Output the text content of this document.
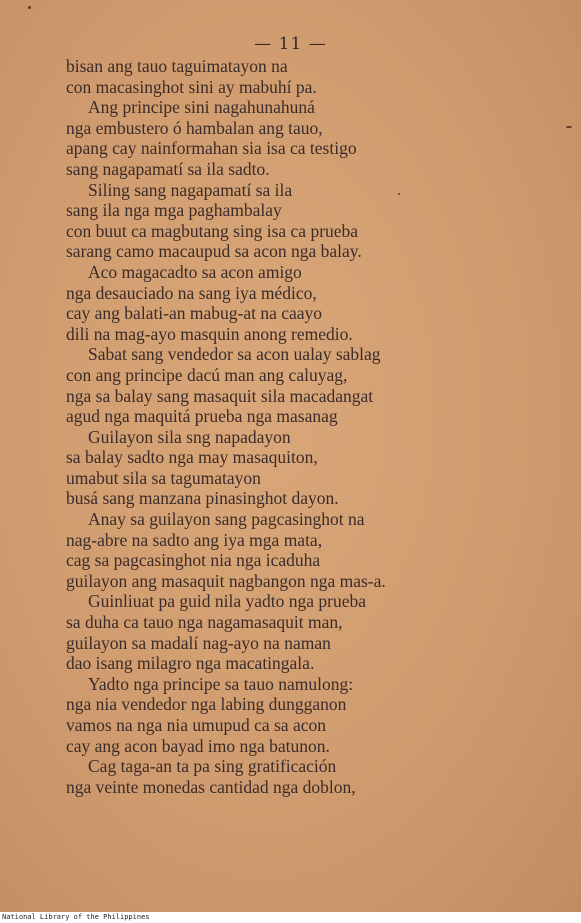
— 11 —
bisan ang tauo taguimatayon na
con macasinghot sini ay mabuhí pa.
Ang principe sini nagahunahuná
nga embustero ó hambalan ang tauo,
apang cay nainformahan sia isa ca testigo
sang nagapamatí sa ila sadto.
Siling sang nagapamatí sa ila
sang ila nga mga paghambalay
con buut ca magbutang sing isa ca prueba
sarang camo macaupud sa acon nga balay.
Aco magacadto sa acon amigo
nga desauciado na sang iya médico,
cay ang balati-an mabug-at na caayo
dili na mag-ayo masquin anong remedio.
Sabat sang vendedor sa acon ualay sablag
con ang principe dacú man ang caluyag,
nga sa balay sang masaquit sila macadangat
agud nga maquitá prueba nga masanag
Guilayon sila sng napadayon
sa balay sadto nga may masaquiton,
umabut sila sa tagumatayon
busá sang manzana pinasinghot dayon.
Anay sa guilayon sang pagcasinghot na
nag-abre na sadto ang iya mga mata,
cag sa pagcasinghot nia nga icaduha
guilayon ang masaquit nagbangon nga mas-a.
Guinliuat pa guid nila yadto nga prueba
sa duha ca tauo nga nagamasaquit man,
guilayon sa madalí nag-ayo na naman
dao isang milagro nga macatingala.
Yadto nga principe sa tauo namulong:
nga nia vendedor nga labing dungganon
vamos na nga nia umupud ca sa acon
cay ang acon bayad imo nga batunon.
Cag taga-an ta pa sing gratificación
nga veinte monedas cantidad nga doblon,
National Library of the Philippines
